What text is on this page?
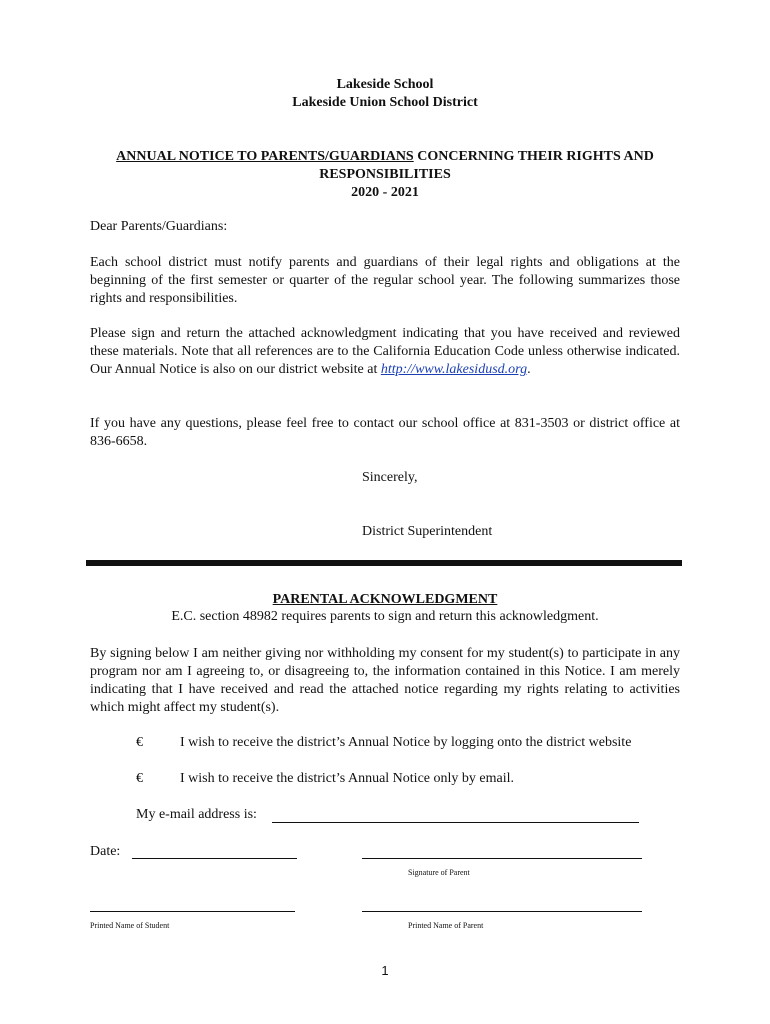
Lakeside School
Lakeside Union School District
ANNUAL NOTICE TO PARENTS/GUARDIANS CONCERNING THEIR RIGHTS AND
RESPONSIBILITIES
2020 - 2021
Dear Parents/Guardians:
Each school district must notify parents and guardians of their legal rights and obligations at the beginning of the first semester or quarter of the regular school year. The following summarizes those rights and responsibilities.
Please sign and return the attached acknowledgment indicating that you have received and reviewed these materials. Note that all references are to the California Education Code unless otherwise indicated. Our Annual Notice is also on our district website at http://www.lakesidusd.org.
If you have any questions, please feel free to contact our school office at 831-3503 or district office at 836-6658.
Sincerely,
District Superintendent
PARENTAL ACKNOWLEDGMENT
E.C. section 48982 requires parents to sign and return this acknowledgment.
By signing below I am neither giving nor withholding my consent for my student(s) to participate in any program nor am I agreeing to, or disagreeing to, the information contained in this Notice. I am merely indicating that I have received and read the attached notice regarding my rights relating to activities which might affect my student(s).
€	I wish to receive the district’s Annual Notice by logging onto the district website
€	I wish to receive the district’s Annual Notice only by email.
My e-mail address is:
Date:
Signature of Parent
Printed Name of Student	Printed Name of Parent
1
